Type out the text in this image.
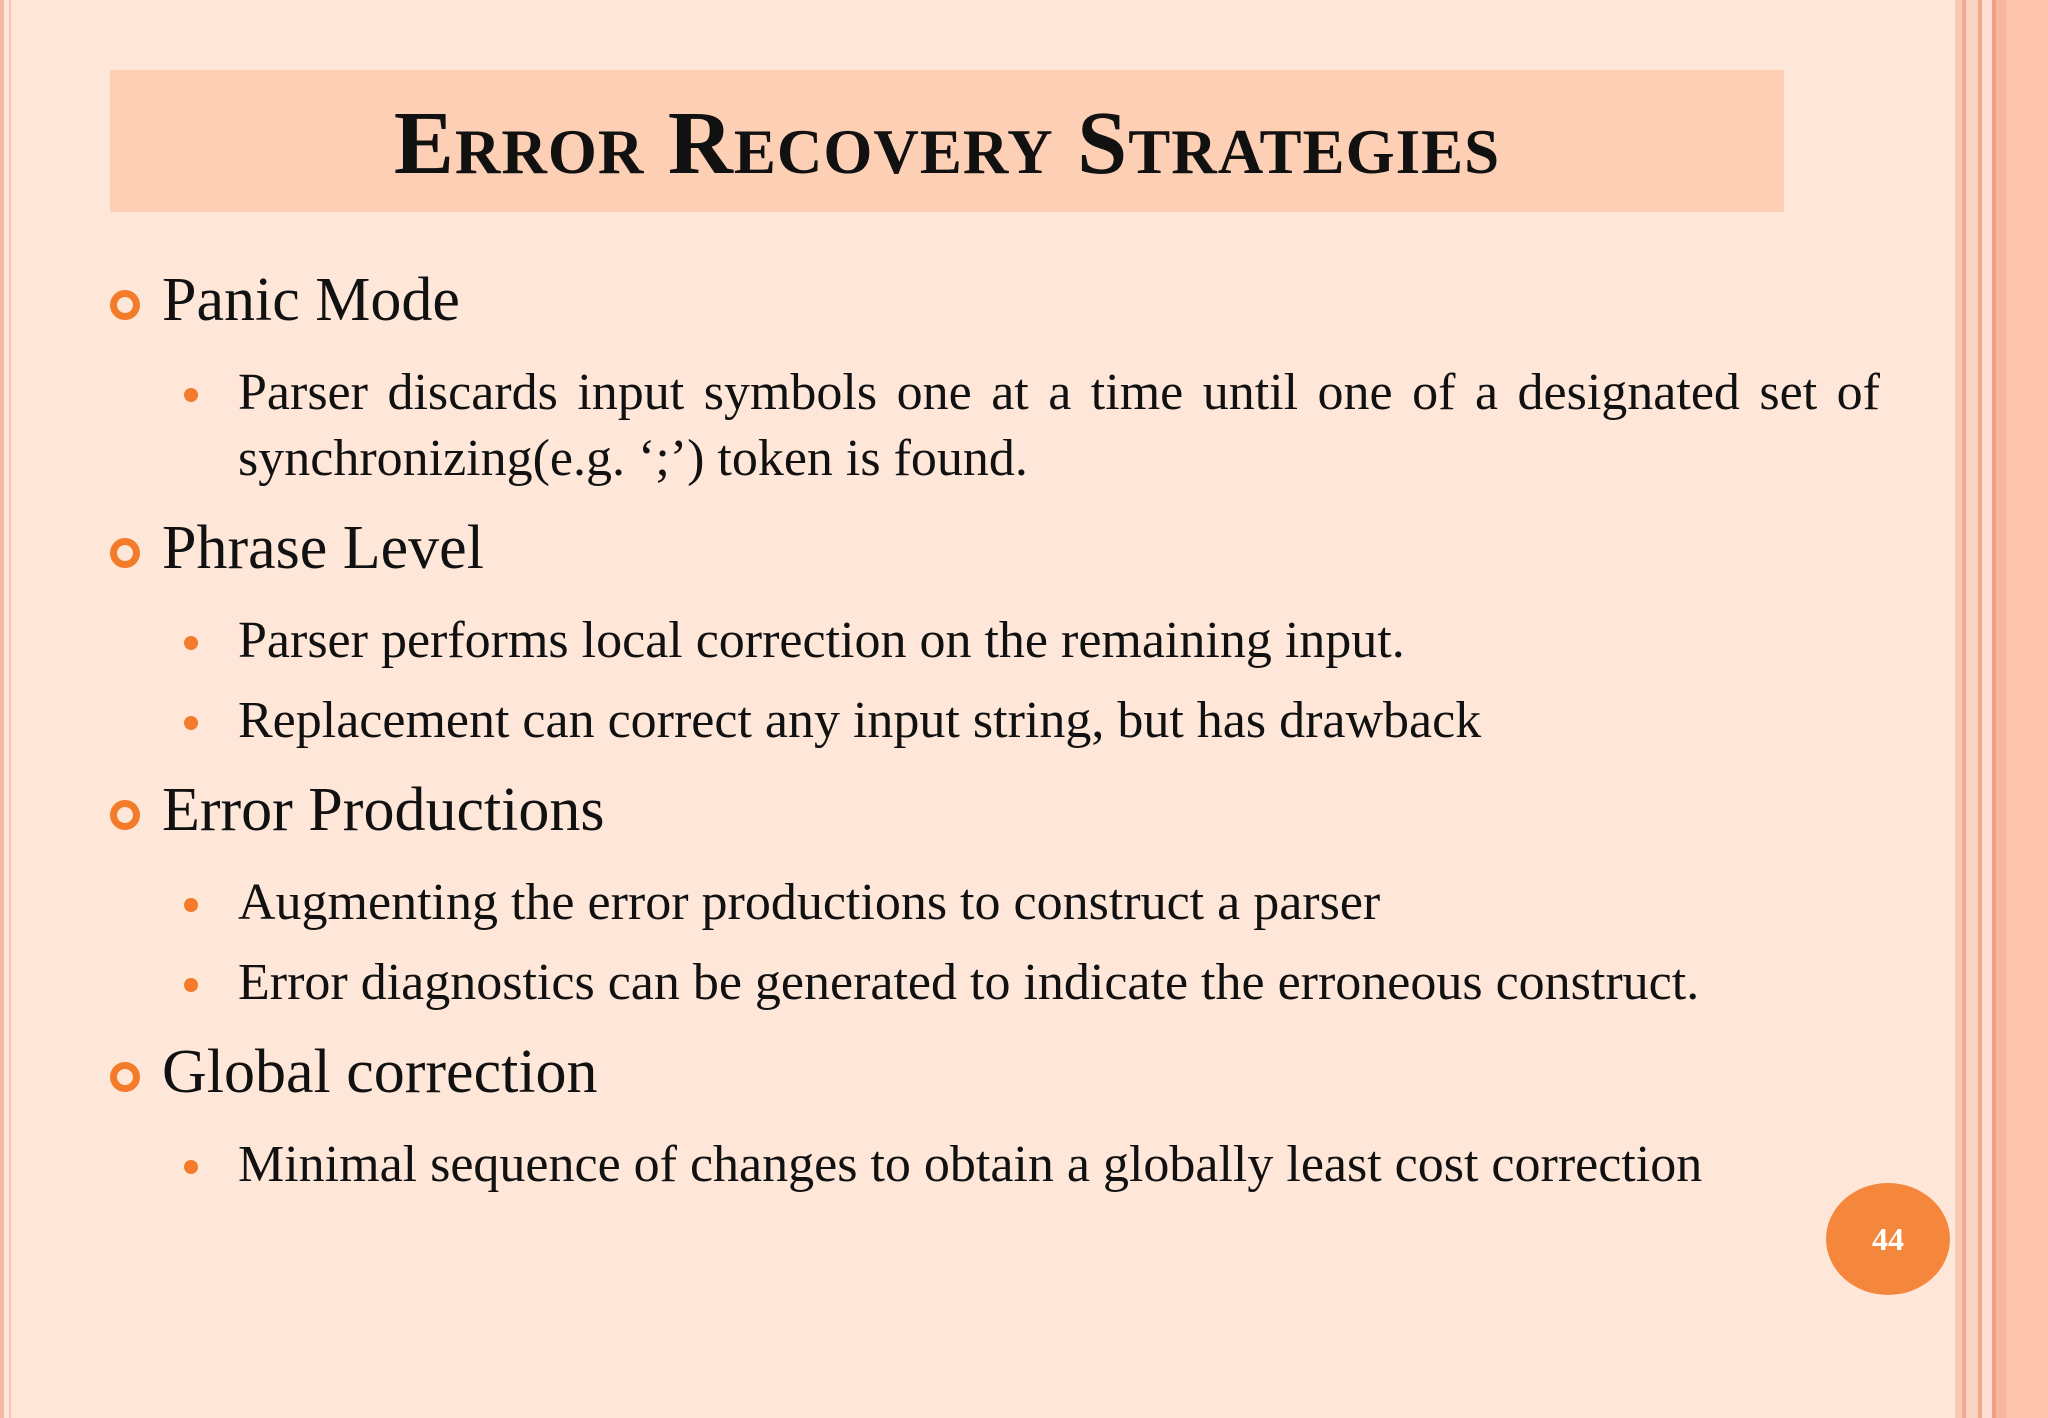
Error Recovery Strategies
Panic Mode
Parser discards input symbols one at a time until one of a designated set of synchronizing(e.g. ‘;’) token is found.
Phrase Level
Parser performs local correction on the remaining input.
Replacement can correct any input string, but has drawback
Error Productions
Augmenting the error productions to construct a parser
Error diagnostics can be generated to indicate the erroneous construct.
Global correction
Minimal sequence of changes to obtain a globally least cost correction
44
